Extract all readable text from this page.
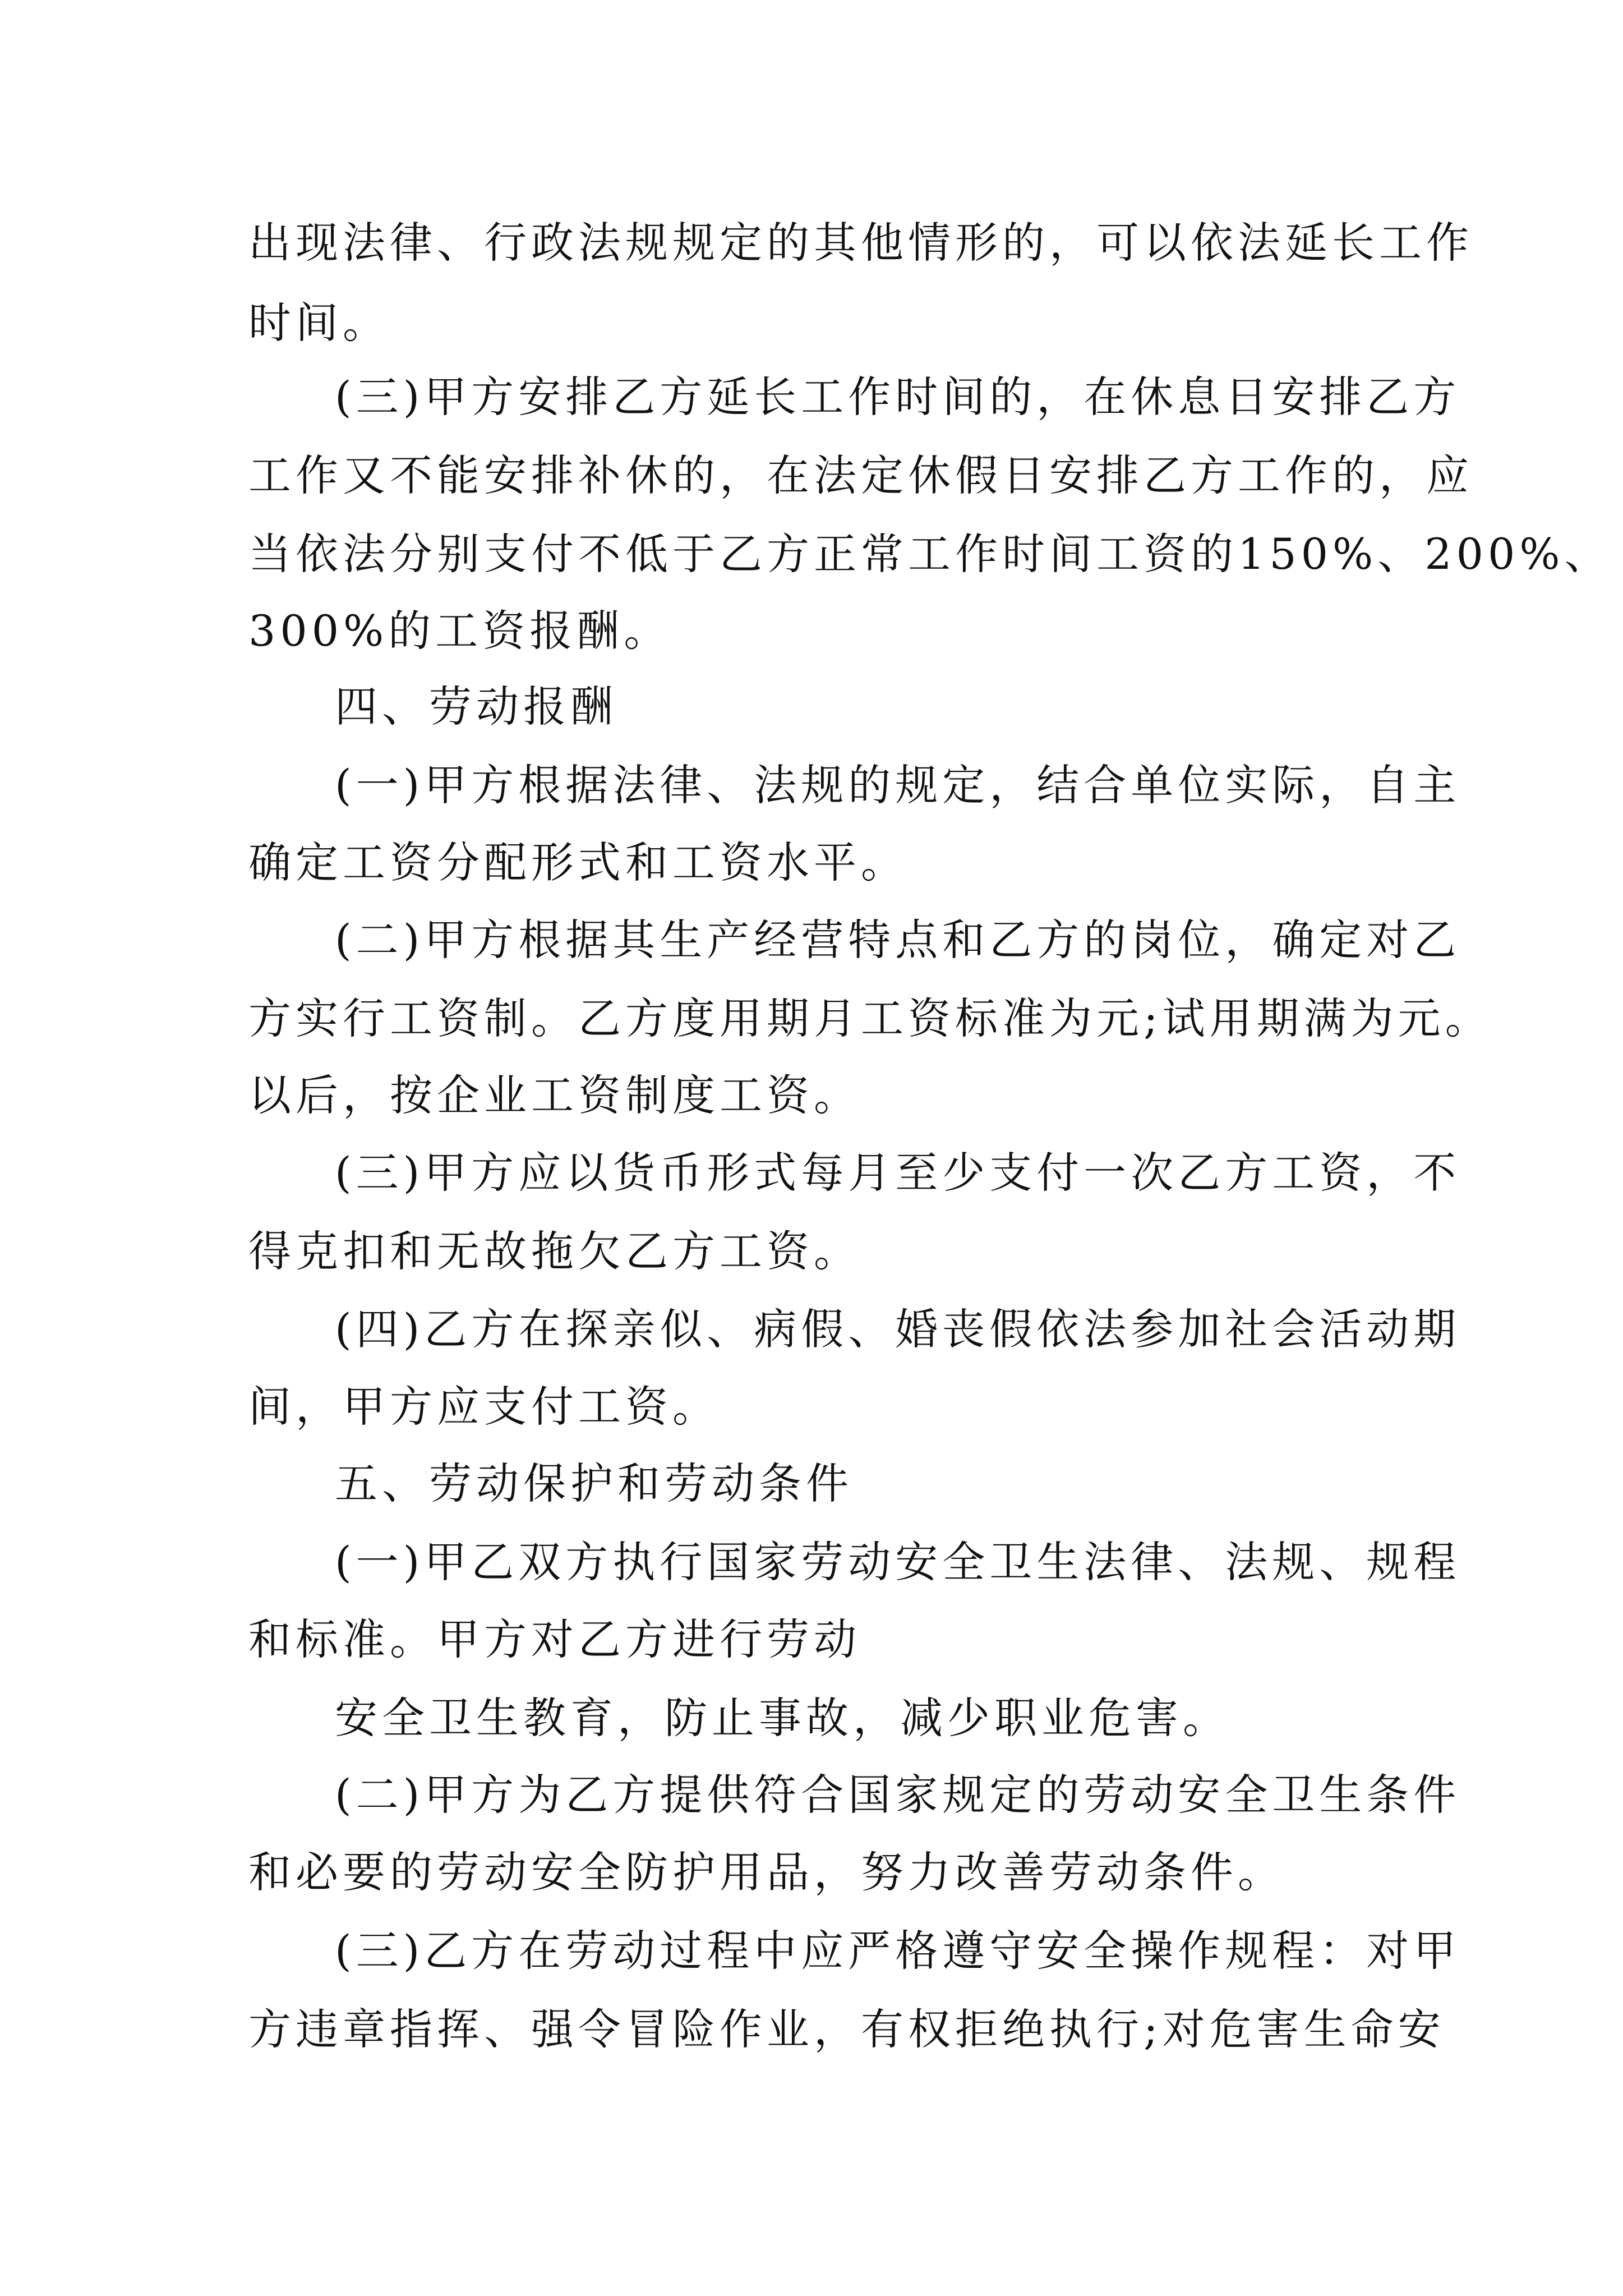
出现法律、行政法规规定的其他情形的，可以依法延长工作
时间。
(三)甲方安排乙方延长工作时间的，在休息日安排乙方
工作又不能安排补休的，在法定休假日安排乙方工作的，应
当依法分别支付不低于乙方正常工作时间工资的150%、200%、
300%的工资报酬。
四、劳动报酬
(一)甲方根据法律、法规的规定，结合单位实际，自主
确定工资分配形式和工资水平。
(二)甲方根据其生产经营特点和乙方的岗位，确定对乙
方实行工资制。乙方度用期月工资标准为元;试用期满为元。
以后，按企业工资制度工资。
(三)甲方应以货币形式每月至少支付一次乙方工资，不
得克扣和无故拖欠乙方工资。
(四)乙方在探亲似、病假、婚丧假依法参加社会活动期
间，甲方应支付工资。
五、劳动保护和劳动条件
(一)甲乙双方执行国家劳动安全卫生法律、法规、规程
和标准。甲方对乙方进行劳动
安全卫生教育，防止事故，减少职业危害。
(二)甲方为乙方提供符合国家规定的劳动安全卫生条件
和必要的劳动安全防护用品，努力改善劳动条件。
(三)乙方在劳动过程中应严格遵守安全操作规程：对甲
方违章指挥、强令冒险作业，有权拒绝执行;对危害生命安
